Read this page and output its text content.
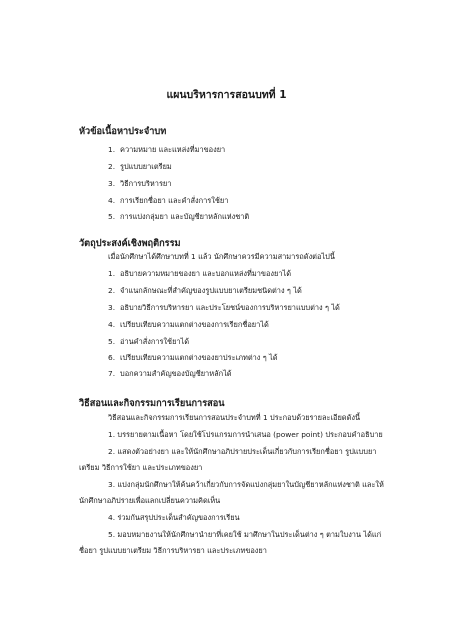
แผนบริหารการสอนบทที่ 1
หัวข้อเนื้อหาประจำบท
1. ความหมาย และแหล่งที่มาของยา
2. รูปแบบยาเตรียม
3. วิธีการบริหารยา
4. การเรียกชื่อยา และคำสั่งการใช้ยา
5. การแบ่งกลุ่มยา และบัญชียาหลักแห่งชาติ
วัตถุประสงค์เชิงพฤติกรรม
เมื่อนักศึกษาได้ศึกษาบทที่ 1 แล้ว นักศึกษาควรมีความสามารถดังต่อไปนี้
1. อธิบายความหมายของยา และบอกแหล่งที่มาของยาได้
2. จำแนกลักษณะที่สำคัญของรูปแบบยาเตรียมชนิดต่าง ๆ ได้
3. อธิบายวิธีการบริหารยา และประโยชน์ของการบริหารยาแบบต่าง ๆ ได้
4. เปรียบเทียบความแตกต่างของการเรียกชื่อยาได้
5. อ่านคำสั่งการใช้ยาได้
6. เปรียบเทียบความแตกต่างของยาประเภทต่าง ๆ ได้
7. บอกความสำคัญของบัญชียาหลักได้
วิธีสอนและกิจกรรมการเรียนการสอน
วิธีสอนและกิจกรรมการเรียนการสอนประจำบทที่ 1 ประกอบด้วยรายละเอียดดังนี้
1. บรรยายตามเนื้อหา โดยใช้โปรแกรมการนำเสนอ (power point) ประกอบคำอธิบาย
2. แสดงตัวอย่างยา และให้นักศึกษาอภิปรายประเด็นเกี่ยวกับการเรียกชื่อยา รูปแบบยา
เตรียม วิธีการใช้ยา และประเภทของยา
3. แบ่งกลุ่มนักศึกษาให้ค้นคว้าเกี่ยวกับการจัดแบ่งกลุ่มยาในบัญชียาหลักแห่งชาติ และให้
นักศึกษาอภิปรายเพื่อแลกเปลี่ยนความคิดเห็น
4. ร่วมกันสรุปประเด็นสำคัญของการเรียน
5. มอบหมายงานให้นักศึกษานำยาที่เคยใช้ มาศึกษาในประเด็นต่าง ๆ ตามใบงาน ได้แก่
ชื่อยา รูปแบบยาเตรียม วิธีการบริหารยา และประเภทของยา
